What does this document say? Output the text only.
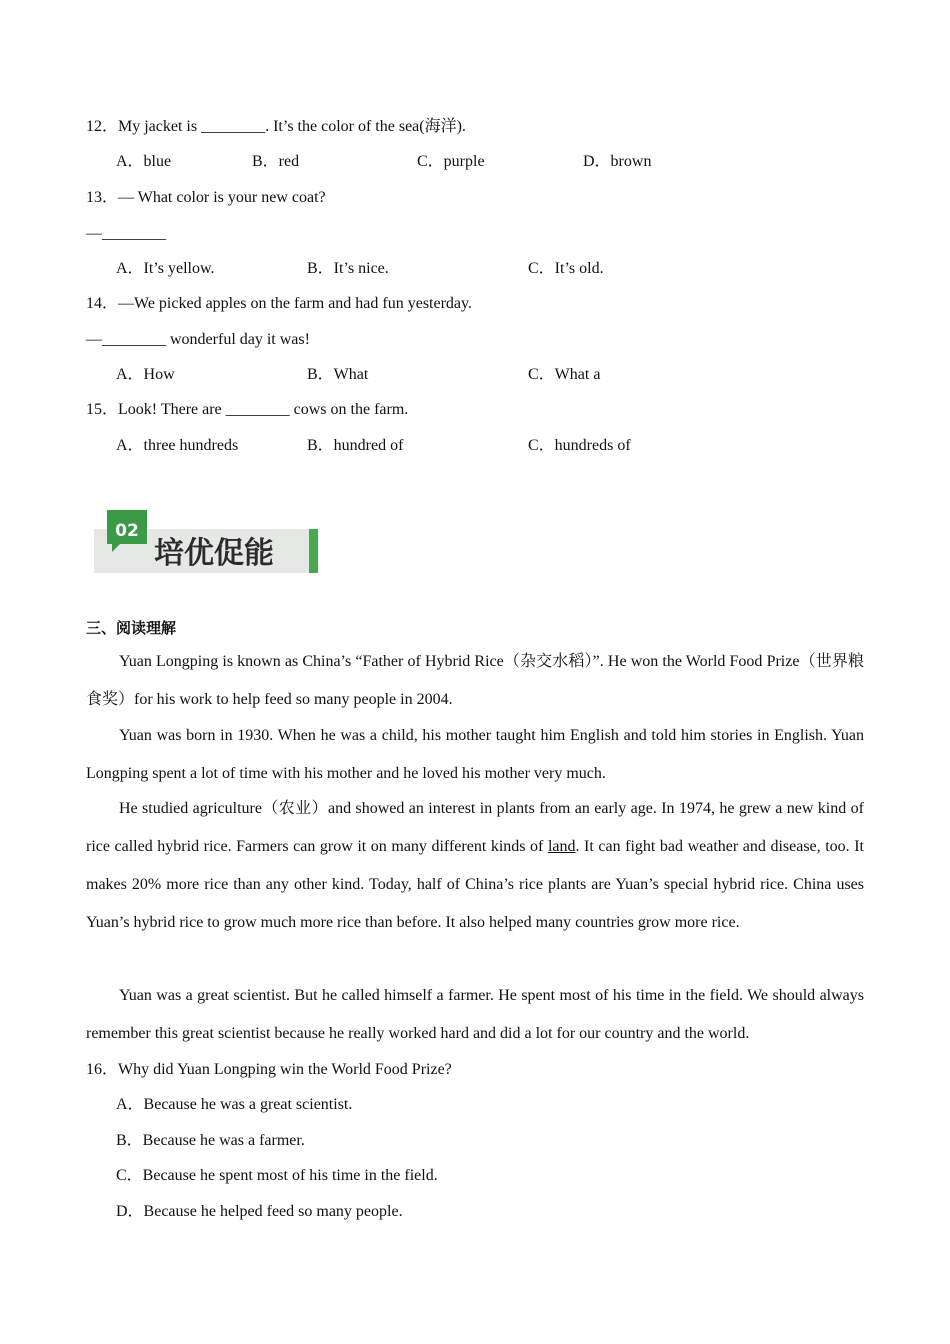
12．My jacket is ________. It’s the color of the sea(海洋).
A．blue	B．red	C．purple	D．brown
13．— What color is your new coat?
—________
A．It’s yellow.	B．It’s nice.	C．It’s old.
14．—We picked apples on the farm and had fun yesterday.
—________ wonderful day it was!
A．How	B．What	C．What a
15．Look! There are ________ cows on the farm.
A．three hundreds	B．hundred of	C．hundreds of
02
培优促能
三、阅读理解

Yuan Longping is known as China’s “Father of Hybrid Rice（杂交水稻）”. He won the World Food Prize（世界粮食奖）for his work to help feed so many people in 2004.

Yuan was born in 1930. When he was a child, his mother taught him English and told him stories in English. Yuan Longping spent a lot of time with his mother and he loved his mother very much.

He studied agriculture（农业）and showed an interest in plants from an early age. In 1974, he grew a new kind of rice called hybrid rice. Farmers can grow it on many different kinds of land. It can fight bad weather and disease, too. It makes 20% more rice than any other kind. Today, half of China’s rice plants are Yuan’s special hybrid rice. China uses Yuan’s hybrid rice to grow much more rice than before. It also helped many countries grow more rice.

Yuan was a great scientist. But he called himself a farmer. He spent most of his time in the field. We should always remember this great scientist because he really worked hard and did a lot for our country and the world.

16．Why did Yuan Longping win the World Food Prize?
A．Because he was a great scientist.
B．Because he was a farmer.
C．Because he spent most of his time in the field.
D．Because he helped feed so many people.
